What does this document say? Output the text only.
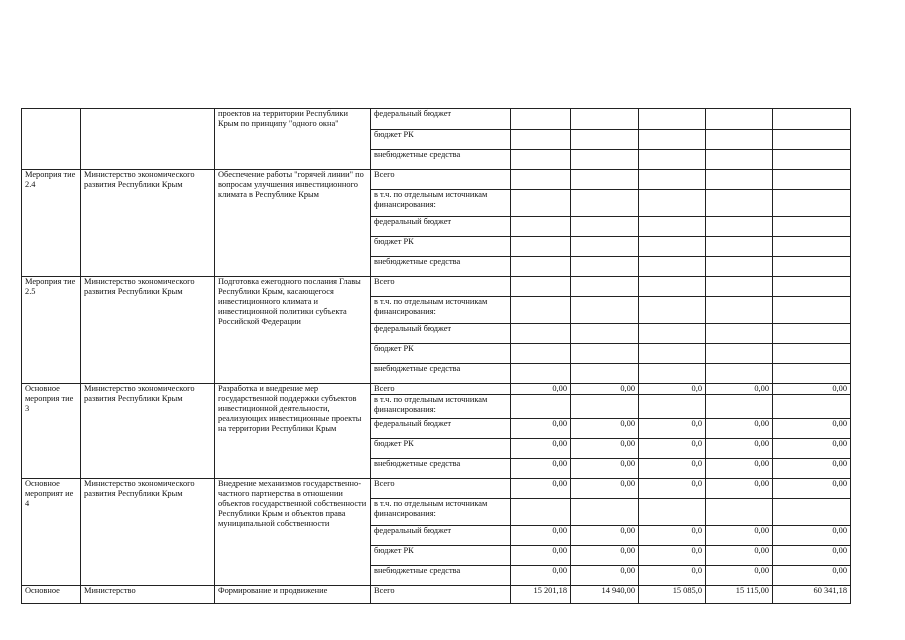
		проектов на территории Республики Крым по принципу "одного окна"	федеральный бюджет					
			бюджет РК					
			внебюджетные средства					
Мероприя тие 2.4	Министерство экономического развития Республики Крым	Обеспечение работы "горячей линии" по вопросам улучшения инвестиционного климата в Республике Крым	Всего					
			в т.ч. по отдельным источникам финансирования:					
			федеральный бюджет					
			бюджет РК					
			внебюджетные средства					
Мероприя тие 2.5	Министерство экономического развития Республики Крым	Подготовка ежегодного послания Главы Республики Крым, касающегося инвестиционного климата и инвестиционной политики субъекта Российской Федерации	Всего					
			в т.ч. по отдельным источникам финансирования:					
			федеральный бюджет					
			бюджет РК					
			внебюджетные средства					
Основное мероприя тие 3	Министерство экономического развития Республики Крым	Разработка и внедрение мер государственной поддержки субъектов инвестиционной деятельности, реализующих инвестиционные проекты на территории Республики Крым	Всего	0,00	0,00	0,0	0,00	0,00
			в т.ч. по отдельным источникам финансирования:					
			федеральный бюджет	0,00	0,00	0,0	0,00	0,00
			бюджет РК	0,00	0,00	0,0	0,00	0,00
			внебюджетные средства	0,00	0,00	0,0	0,00	0,00
Основное мероприят ие 4	Министерство экономического развития Республики Крым	Внедрение механизмов государственно-частного партнерства в отношении объектов государственной собственности Республики Крым и объектов права муниципальной собственности	Всего	0,00	0,00	0,0	0,00	0,00
			в т.ч. по отдельным источникам финансирования:					
			федеральный бюджет	0,00	0,00	0,0	0,00	0,00
			бюджет РК	0,00	0,00	0,0	0,00	0,00
			внебюджетные средства	0,00	0,00	0,0	0,00	0,00
Основное	Министерство	Формирование и продвижение	Всего	15 201,18	14 940,00	15 085,0	15 115,00	60 341,18
